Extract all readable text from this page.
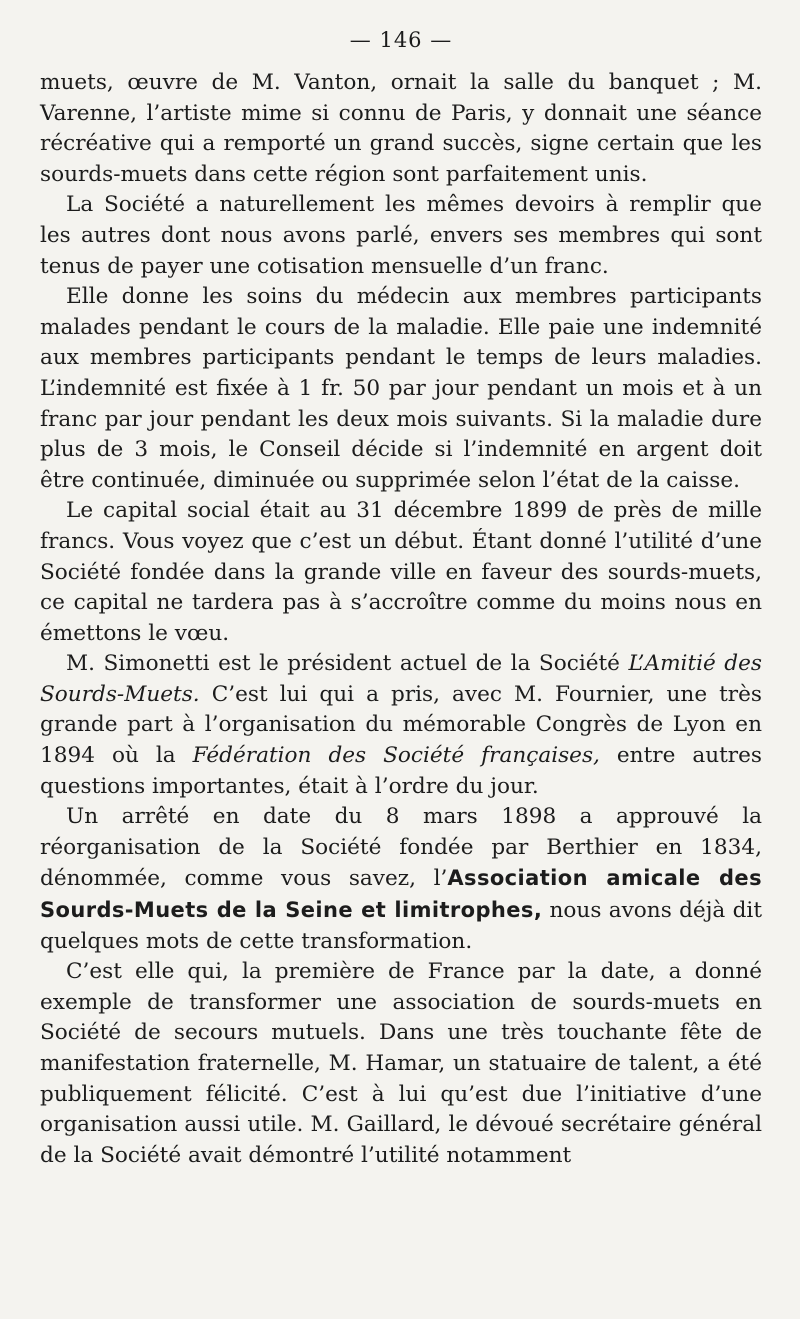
— 146 —

muets, œuvre de M. Vanton, ornait la salle du banquet ; M. Varenne, l’artiste mime si connu de Paris, y donnait une séance récréative qui a remporté un grand succès, signe certain que les sourds-muets dans cette région sont parfaitement unis.

La Société a naturellement les mêmes devoirs à remplir que les autres dont nous avons parlé, envers ses membres qui sont tenus de payer une cotisation mensuelle d’un franc.

Elle donne les soins du médecin aux membres participants malades pendant le cours de la maladie. Elle paie une indemnité aux membres participants pendant le temps de leurs maladies. L’indemnité est fixée à 1 fr. 50 par jour pendant un mois et à un franc par jour pendant les deux mois suivants. Si la maladie dure plus de 3 mois, le Conseil décide si l’indemnité en argent doit être continuée, diminuée ou supprimée selon l’état de la caisse.

Le capital social était au 31 décembre 1899 de près de mille francs. Vous voyez que c’est un début. Étant donné l’utilité d’une Société fondée dans la grande ville en faveur des sourds-muets, ce capital ne tardera pas à s’accroître comme du moins nous en émettons le vœu.

M. Simonetti est le président actuel de la Société L’Amitié des Sourds-Muets. C’est lui qui a pris, avec M. Fournier, une très grande part à l’organisation du mémorable Congrès de Lyon en 1894 où la Fédération des Société françaises, entre autres questions importantes, était à l’ordre du jour.

Un arrêté en date du 8 mars 1898 a approuvé la réorganisation de la Société fondée par Berthier en 1834, dénommée, comme vous savez, l’Association amicale des Sourds-Muets de la Seine et limitrophes, nous avons déjà dit quelques mots de cette transformation.

C’est elle qui, la première de France par la date, a donné exemple de transformer une association de sourds-muets en Société de secours mutuels. Dans une très touchante fête de manifestation fraternelle, M. Hamar, un statuaire de talent, a été publiquement félicité. C’est à lui qu’est due l’initiative d’une organisation aussi utile. M. Gaillard, le dévoué secrétaire général de la Société avait démontré l’utilité notamment
